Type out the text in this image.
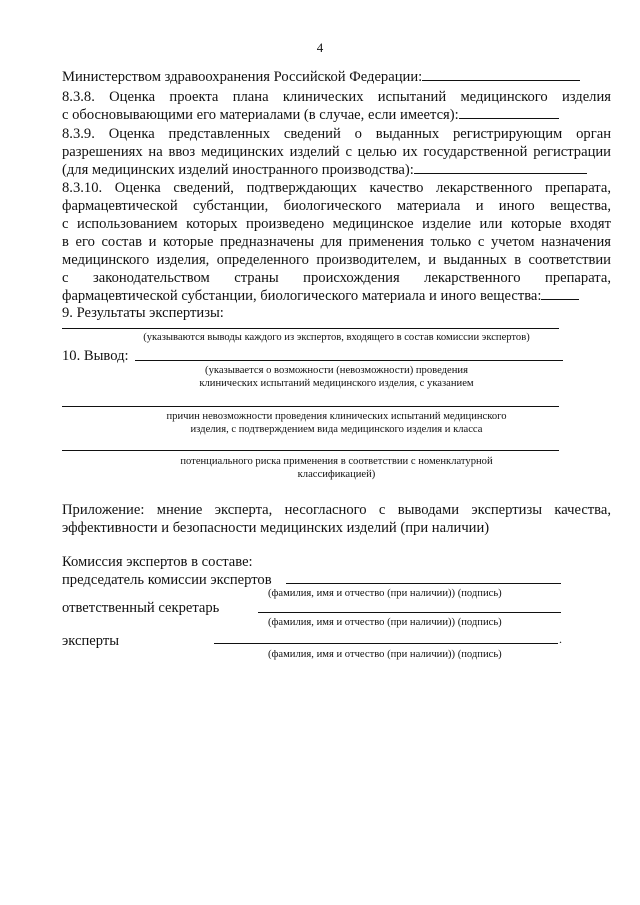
4
Министерством здравоохранения Российской Федерации:
8.3.8. Оценка проекта плана клинических испытаний медицинского изделия
с обосновывающими его материалами (в случае, если имеется):
8.3.9. Оценка представленных сведений о выданных регистрирующим орган
разрешениях на ввоз медицинских изделий с целью их государственной регистрации
(для медицинских изделий иностранного производства):
8.3.10. Оценка сведений, подтверждающих качество лекарственного препарата,
фармацевтической субстанции, биологического материала и иного вещества,
с использованием которых произведено медицинское изделие или которые входят
в его состав и которые предназначены для применения только с учетом назначения
медицинского изделия, определенного производителем, и выданных в соответствии
с законодательством страны происхождения лекарственного препарата,
фармацевтической субстанции, биологического материала и иного вещества:
9. Результаты экспертизы:
(указываются выводы каждого из экспертов, входящего в состав комиссии экспертов)
10. Вывод:
(указывается о возможности (невозможности) проведения
клинических испытаний медицинского изделия, с указанием
причин невозможности проведения клинических испытаний медицинского
изделия, с подтверждением вида медицинского изделия и класса
потенциального риска применения в соответствии с номенклатурной
классификацией)
Приложение: мнение эксперта, несогласного с выводами экспертизы качества,
эффективности и безопасности медицинских изделий (при наличии)
Комиссия экспертов в составе:
председатель комиссии экспертов
(фамилия, имя и отчество (при наличии)) (подпись)
ответственный секретарь
(фамилия, имя и отчество (при наличии)) (подпись)
эксперты	.
(фамилия, имя и отчество (при наличии)) (подпись)
